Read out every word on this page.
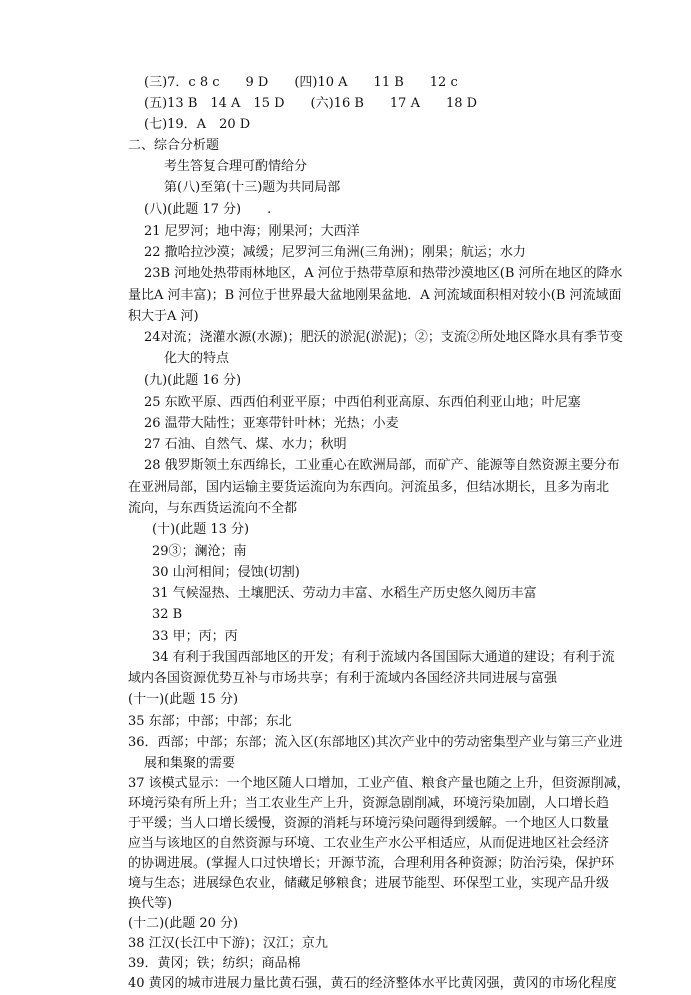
(三)7．c 8 c　　9 D　　(四)10 A　　11 B　　12 c
(五)13 B　14 A　15 D　　(六)16 B　　17 A　　18 D
(七)19．A　20 D
二、综合分析题
考生答复合理可酌情给分
第(八)至第(十三)题为共同局部
(八)(此题 17 分)　　.
21 尼罗河；地中海；刚果河；大西洋
22 撒哈拉沙漠；减缓；尼罗河三角洲(三角洲)；刚果；航运；水力
23B 河地处热带雨林地区，A 河位于热带草原和热带沙漠地区(B 河所在地区的降水
量比A 河丰富)；B 河位于世界最大盆地刚果盆地．A 河流域面积相对较小(B 河流域面
积大于A 河)
24对流；浇灌水源(水源)；肥沃的淤泥(淤泥)；②；支流②所处地区降水具有季节变
化大的特点
(九)(此题 16 分)
25 东欧平原、西西伯利亚平原；中西伯利亚高原、东西伯利亚山地；叶尼塞
26 温带大陆性；亚寒带针叶林；光热；小麦
27 石油、自然气、煤、水力；秋明
28 俄罗斯领土东西绵长，工业重心在欧洲局部，而矿产、能源等自然资源主要分布
在亚洲局部，国内运输主要货运流向为东西向。河流虽多，但结冰期长，且多为南北
流向，与东西货运流向不全都
(十)(此题 13 分)
29③；澜沧；南
30 山河相间；侵蚀(切割)
31 气候湿热、土壤肥沃、劳动力丰富、水稻生产历史悠久阅历丰富
32 B
33 甲；丙；丙
34 有利于我国西部地区的开发；有利于流域内各国国际大通道的建设；有利于流
域内各国资源优势互补与市场共享；有利于流域内各国经济共同进展与富强
(十一)(此题 15 分)
35 东部；中部；中部；东北
36．西部；中部；东部；流入区(东部地区)其次产业中的劳动密集型产业与第三产业进
展和集聚的需要
37 该模式显示：一个地区随人口增加，工业产值、粮食产量也随之上升，但资源削减，
环境污染有所上升；当工农业生产上升，资源急剧削减，环境污染加剧，人口增长趋
于平缓；当人口增长缓慢，资源的消耗与环境污染问题得到缓解。一个地区人口数量
应当与该地区的自然资源与环境、工农业生产水公平相适应，从而促进地区社会经济
的协调进展。(掌握人口过快增长；开源节流，合理利用各种资源；防治污染，保护环
境与生态；进展绿色农业，储藏足够粮食；进展节能型、环保型工业，实现产品升级
换代等)
(十二)(此题 20 分)
38 江汉(长江中下游)；汉江；京九
39．黄冈；铁；纺织；商品棉
40 黄冈的城市进展力量比黄石强，黄石的经济整体水平比黄冈强，黄冈的市场化程度
